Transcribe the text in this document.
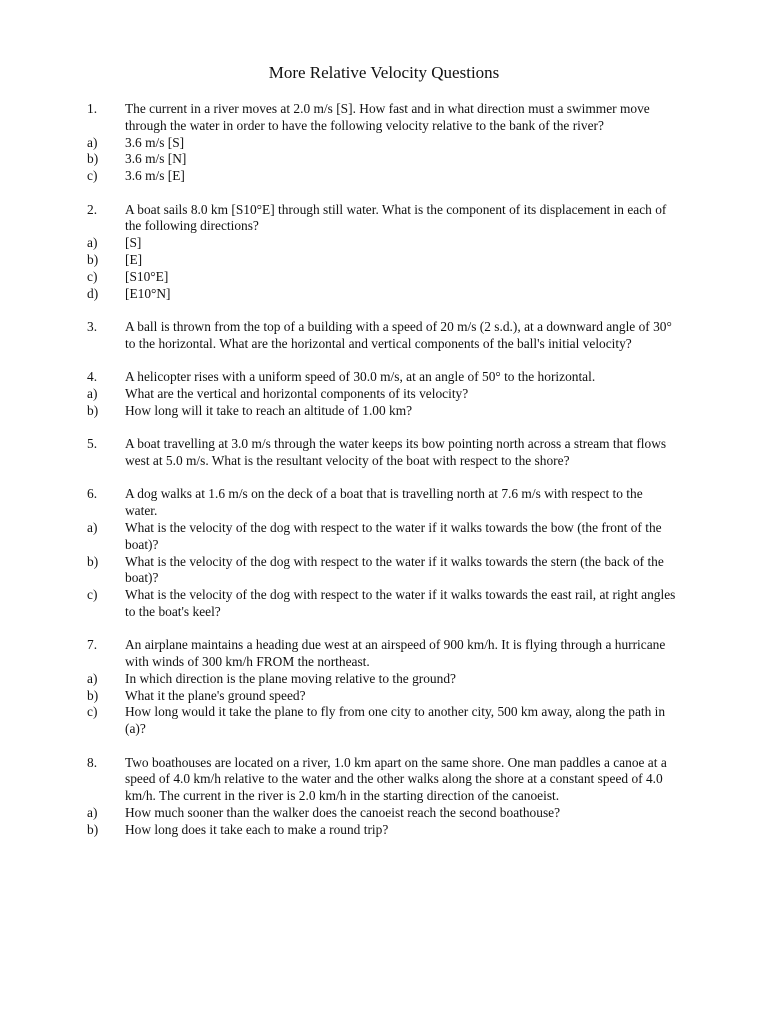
More Relative Velocity Questions
1. The current in a river moves at 2.0 m/s [S]. How fast and in what direction must a swimmer move through the water in order to have the following velocity relative to the bank of the river?
a) 3.6 m/s [S]
b) 3.6 m/s [N]
c) 3.6 m/s [E]
2. A boat sails 8.0 km [S10°E] through still water. What is the component of its displacement in each of the following directions?
a) [S]
b) [E]
c) [S10°E]
d) [E10°N]
3. A ball is thrown from the top of a building with a speed of 20 m/s (2 s.d.), at a downward angle of 30° to the horizontal. What are the horizontal and vertical components of the ball's initial velocity?
4. A helicopter rises with a uniform speed of 30.0 m/s, at an angle of 50° to the horizontal.
a) What are the vertical and horizontal components of its velocity?
b) How long will it take to reach an altitude of 1.00 km?
5. A boat travelling at 3.0 m/s through the water keeps its bow pointing north across a stream that flows west at 5.0 m/s. What is the resultant velocity of the boat with respect to the shore?
6. A dog walks at 1.6 m/s on the deck of a boat that is travelling north at 7.6 m/s with respect to the water.
a) What is the velocity of the dog with respect to the water if it walks towards the bow (the front of the boat)?
b) What is the velocity of the dog with respect to the water if it walks towards the stern (the back of the boat)?
c) What is the velocity of the dog with respect to the water if it walks towards the east rail, at right angles to the boat's keel?
7. An airplane maintains a heading due west at an airspeed of 900 km/h. It is flying through a hurricane with winds of 300 km/h FROM the northeast.
a) In which direction is the plane moving relative to the ground?
b) What it the plane's ground speed?
c) How long would it take the plane to fly from one city to another city, 500 km away, along the path in (a)?
8. Two boathouses are located on a river, 1.0 km apart on the same shore. One man paddles a canoe at a speed of 4.0 km/h relative to the water and the other walks along the shore at a constant speed of 4.0 km/h. The current in the river is 2.0 km/h in the starting direction of the canoeist.
a) How much sooner than the walker does the canoeist reach the second boathouse?
b) How long does it take each to make a round trip?
